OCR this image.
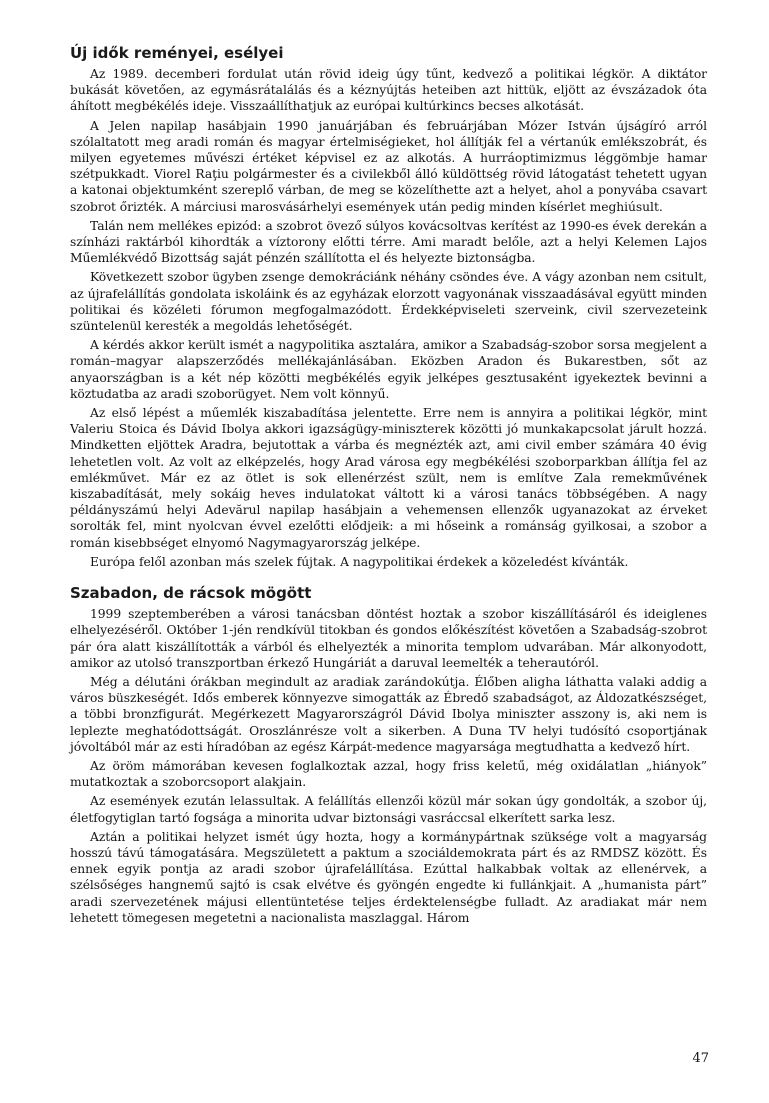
Új idők reményei, esélyei

Az 1989. decemberi fordulat után rövid ideig úgy tűnt, kedvező a politikai légkör. A diktátor bukását követően, az egymásrátalálás és a kéznyújtás heteiben azt hittük, eljött az évszázadok óta áhított megbékélés ideje. Visszaállíthatjuk az európai kultúrkincs becses alkotását.

A Jelen napilap hasábjain 1990 januárjában és februárjában Mózer István újságíró arról szólaltatott meg aradi román és magyar értelmiségieket, hol állítják fel a vértanúk emlékszobrát, és milyen egyetemes művészi értéket képvisel ez az alkotás. A hurráoptimizmus léggömbje hamar szétpukkadt. Viorel Raţiu polgármester és a civilekből álló küldöttség rövid látogatást tehetett ugyan a katonai objektumként szereplő várban, de meg se közelíthette azt a helyet, ahol a ponyvába csavart szobrot őrizték. A márciusi marosvásárhelyi események után pedig minden kísérlet meghiúsult.

Talán nem mellékes epizód: a szobrot övező súlyos kovácsoltvas kerítést az 1990-es évek derekán a színházi raktárból kihordták a víztorony előtti térre. Ami maradt belőle, azt a helyi Kelemen Lajos Műemlékvédő Bizottság saját pénzén szállította el és helyezte biztonságba.

Következett szobor ügyben zsenge demokráciánk néhány csöndes éve. A vágy azonban nem csitult, az újrafelállítás gondolata iskoláink és az egyházak elorzott vagyonának visszaadásával együtt minden politikai és közéleti fórumon megfogalmazódott. Érdekképviseleti szerveink, civil szervezeteink szüntelenül keresték a megoldás lehetőségét.

A kérdés akkor került ismét a nagypolitika asztalára, amikor a Szabadság-szobor sorsa megjelent a román–magyar alapszerződés mellékajánlásában. Eközben Aradon és Bukarestben, sőt az anyaországban is a két nép közötti megbékélés egyik jelképes gesztusaként igyekeztek bevinni a köztudatba az aradi szoborügyet. Nem volt könnyű.

Az első lépést a műemlék kiszabadítása jelentette. Erre nem is annyira a politikai légkör, mint Valeriu Stoica és Dávid Ibolya akkori igazságügy-miniszterek közötti jó munkakapcsolat járult hozzá. Mindketten eljöttek Aradra, bejutottak a várba és megnézték azt, ami civil ember számára 40 évig lehetetlen volt. Az volt az elképzelés, hogy Arad városa egy megbékélési szoborparkban állítja fel az emlékművet. Már ez az ötlet is sok ellenérzést szült, nem is említve Zala remekművének kiszabadítását, mely sokáig heves indulatokat váltott ki a városi tanács többségében. A nagy példányszámú helyi Adevărul napilap hasábjain a vehemensen ellenzők ugyanazokat az érveket sorolták fel, mint nyolcvan évvel ezelőtti elődjeik: a mi hőseink a románság gyilkosai, a szobor a román kisebbséget elnyomó Nagymagyarország jelképe.

Európa felől azonban más szelek fújtak. A nagypolitikai érdekek a közeledést kívánták.

Szabadon, de rácsok mögött

1999 szeptemberében a városi tanácsban döntést hoztak a szobor kiszállításáról és ideiglenes elhelyezéséről. Október 1-jén rendkívül titokban és gondos előkészítést követően a Szabadság-szobrot pár óra alatt kiszállították a várból és elhelyezték a minorita templom udvarában. Már alkonyodott, amikor az utolsó transzportban érkező Hungáriát a daruval leemelték a teherautóról.

Még a délutáni órákban megindult az aradiak zarándokútja. Élőben aligha láthatta valaki addig a város büszkeségét. Idős emberek könnyezve simogatták az Ébredő szabadságot, az Áldozatkészséget, a többi bronzfigurát. Megérkezett Magyarországról Dávid Ibolya miniszter asszony is, aki nem is leplezte meghatódottságát. Oroszlánrésze volt a sikerben. A Duna TV helyi tudósító csoportjának jóvoltából már az esti híradóban az egész Kárpát-medence magyarsága megtudhatta a kedvező hírt.

Az öröm mámorában kevesen foglalkoztak azzal, hogy friss keletű, még oxidálatlan „hiányok” mutatkoztak a szoborcsoport alakjain.

Az események ezután lelassultak. A felállítás ellenzői közül már sokan úgy gondolták, a szobor új, életfogytiglan tartó fogsága a minorita udvar biztonsági vasráccsal elkerített sarka lesz.

Aztán a politikai helyzet ismét úgy hozta, hogy a kormánypártnak szüksége volt a magyarság hosszú távú támogatására. Megszületett a paktum a szociáldemokrata párt és az RMDSZ között. És ennek egyik pontja az aradi szobor újrafelállítása. Ezúttal halkabbak voltak az ellenérvek, a szélsőséges hangnemű sajtó is csak elvétve és gyöngén engedte ki fullánkjait. A „humanista párt” aradi szervezetének májusi ellentüntetése teljes érdektelenségbe fulladt. Az aradiakat már nem lehetett tömegesen megetetni a nacionalista maszlaggal. Három

47
